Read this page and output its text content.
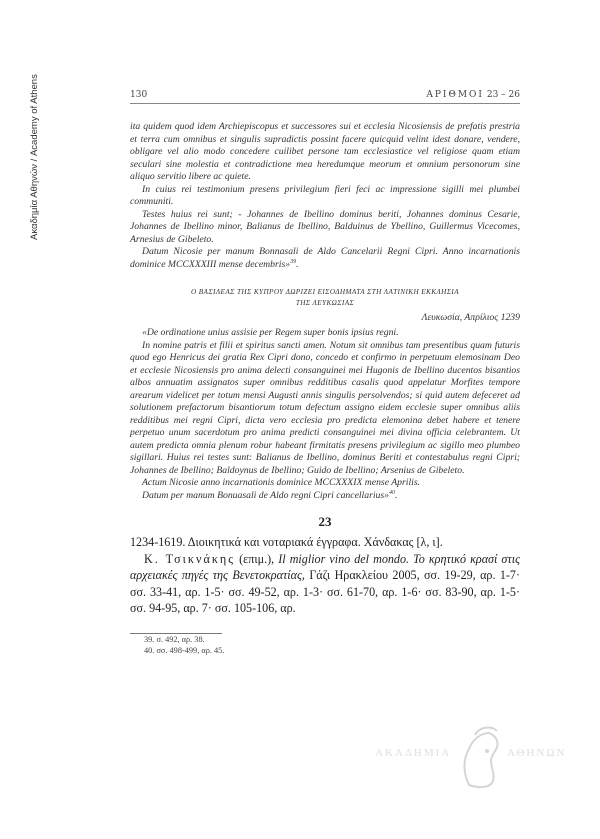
Ακαδημία Αθηνών / Academy of Athens	130	ΑΡΙΘΜΟΙ 23 – 26

ita quidem quod idem Archiepiscopus et successores sui et ecclesia Nicosiensis de prefatis prestria et terra cum omnibus et singulis supradictis possint facere quicquid velint idest donare, vendere, obligare vel alio modo concedere cuilibet persone tam ecclesiastice vel religiose quam etiam seculari sine molestia et contradictione mea heredumque meorum et omnium personorum sine aliquo servitio libere ac quiete.

In cuius rei testimonium presens privilegium fieri feci ac impressione sigilli mei plumbei communiti.

Testes huius rei sunt; - Johannes de Ibellino dominus beriti, Johannes dominus Cesarie, Johannes de Ibellino minor, Balianus de Ibellino, Balduinus de Ybellino, Guillermus Vicecomes, Arnesius de Gibeleto.

Datum Nicosie per manum Bonnasali de Aldo Cancelarii Regni Cipri. Anno incarnationis dominice MCCXXXIII mense decembris»$^{39}$.

Ο ΒΑΣΙΛΕΑΣ ΤΗΣ ΚΥΠΡΟΥ ΔΩΡΙΖΕΙ ΕΙΣΟΔΗΜΑΤΑ ΣΤΗ ΛΑΤΙΝΙΚΗ ΕΚΚΛΗΣΙΑ
ΤΗΣ ΛΕΥΚΩΣΙΑΣ
Λευκωσία, Απρίλιος 1239

«De ordinatione unius assisie per Regem super bonis ipsius regni.

In nomine patris et filii et spiritus sancti amen. Notum sit omnibus tam presentibus quam futuris quod ego Henricus dei gratia Rex Cipri dono, concedo et confirmo in perpetuum elemosinam Deo et ecclesie Nicosiensis pro anima delecti consanguinei mei Hugonis de Ibellino ducentos bisantios albos annuatim assignatos super omnibus redditibus casalis quod appelatur Morfites tempore arearum videlicet per totum mensi Augusti annis singulis persolvendos; si quid autem defeceret ad solutionem prefactorum bisantiorum totum defectum assigno eidem ecclesie super omnibus aliis redditibus mei regni Cipri, dicta vero ecclesia pro predicta elemonina debet habere et tenere perpetuo unum sacerdotum pro anima predicti consanguinei mei divina officia celebrantem. Ut autem predicta omnia plenum robur habeant firmitatis presens privilegium ac sigillo meo plumbeo sigillari. Huius rei testes sunt: Balianus de Ibellino, dominus Beriti et contestabulus regni Cipri; Johannes de Ibellino; Baldoynus de Ibellino; Guido de Ibellino; Arsenius de Gibeleto.

Actum Nicosie anno incarnationis dominice MCCXXXIX mense Aprilis.

Datum per manum Bonuasali de Aldo regni Cipri cancellarius»$^{40}$.

23

1234-1619. Διοικητικά και νοταριακά έγγραφα. Χάνδακας [λ, ι].

Κ. Τσικνάκης (επιμ.), Il miglior vino del mondo. Το κρητικό κρασί στις αρχειακές πηγές της Βενετοκρατίας, Γάζι Ηρακλείου 2005, σσ. 19-29, αρ. 1-7· σσ. 33-41, αρ. 1-5· σσ. 49-52, αρ. 1-3· σσ. 61-70, αρ. 1-6· σσ. 83-90, αρ. 1-5· σσ. 94-95, αρ. 7· σσ. 105-106, αρ.

39. σ. 492, αρ. 38.
40. σσ. 498-499, αρ. 45.
ΑΚΑΔΗΜΙΑ	ΑΘΗΝΩΝ
